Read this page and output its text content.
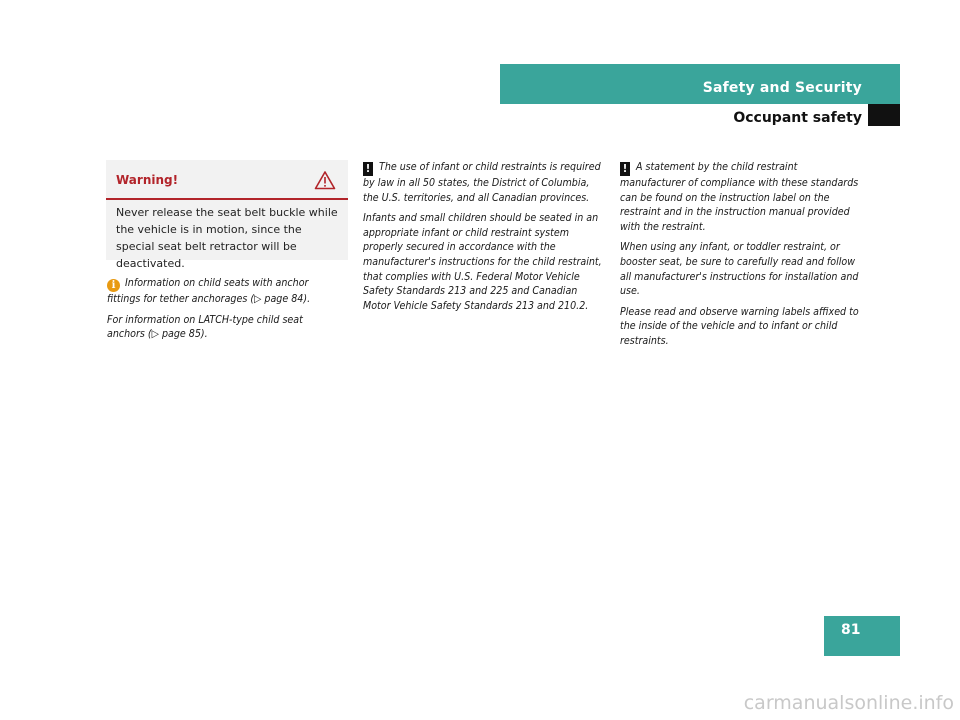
Safety and Security
Occupant safety
Warning!
Never release the seat belt buckle while the vehicle is in motion, since the special seat belt retractor will be deactivated.

i Information on child seats with anchor fittings for tether anchorages (▷ page 84).

For information on LATCH-type child seat anchors (▷ page 85).

! The use of infant or child restraints is required by law in all 50 states, the District of Columbia, the U.S. territories, and all Canadian provinces.

Infants and small children should be seated in an appropriate infant or child restraint system properly secured in accordance with the manufacturer's instructions for the child restraint, that complies with U.S. Federal Motor Vehicle Safety Standards 213 and 225 and Canadian Motor Vehicle Safety Standards 213 and 210.2.

! A statement by the child restraint manufacturer of compliance with these standards can be found on the instruction label on the restraint and in the instruction manual provided with the restraint.

When using any infant, or toddler restraint, or booster seat, be sure to carefully read and follow all manufacturer's instructions for installation and use.

Please read and observe warning labels affixed to the inside of the vehicle and to infant or child restraints.

81
carmanualsonline.info
